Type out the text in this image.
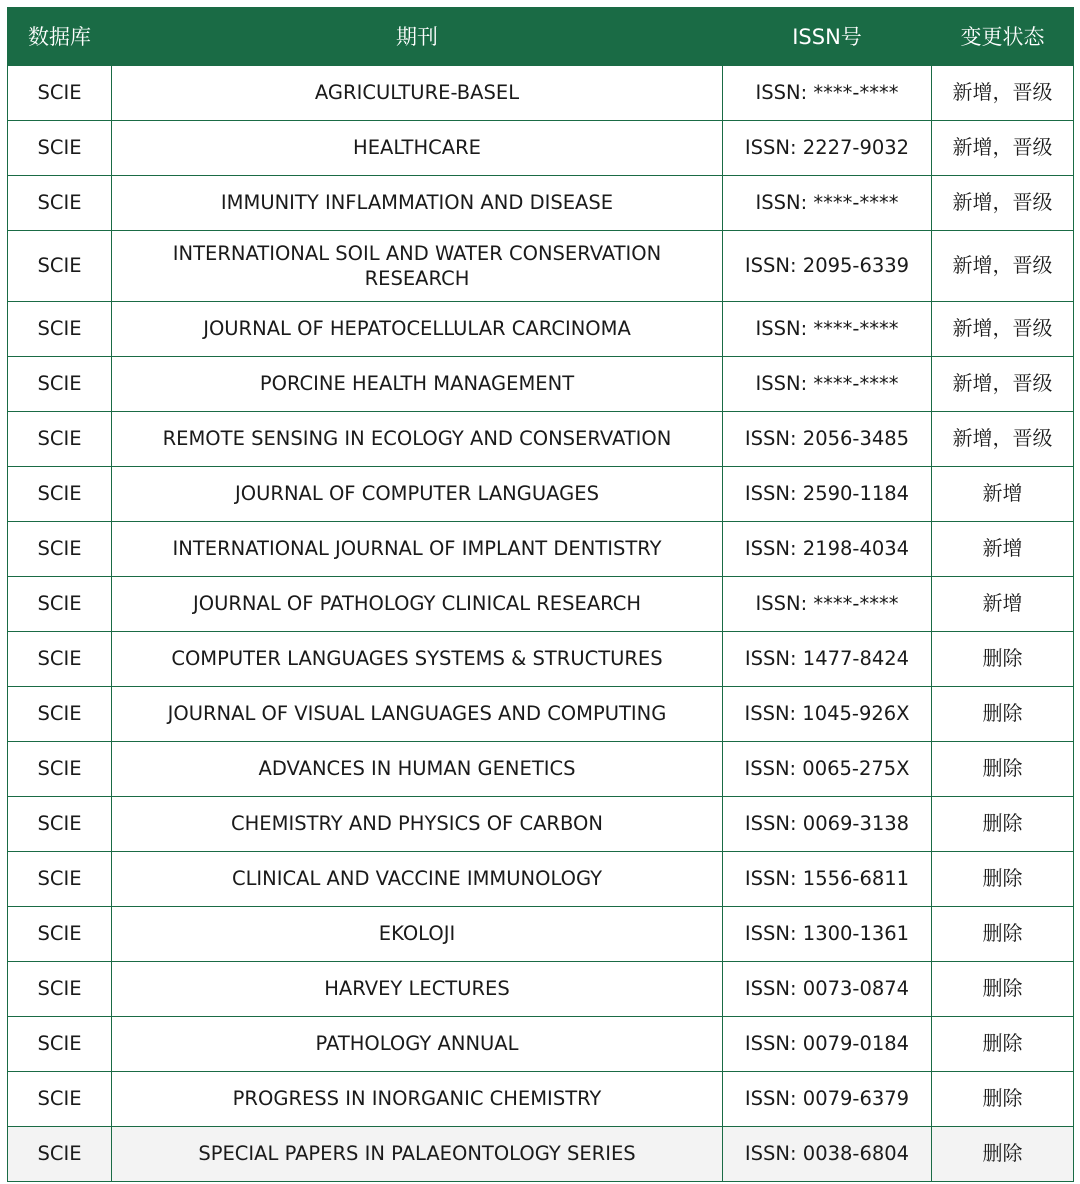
数据库	期刊	ISSN号	变更状态
SCIE	AGRICULTURE-BASEL	ISSN: ****-****	新增，晋级
SCIE	HEALTHCARE	ISSN: 2227-9032	新增，晋级
SCIE	IMMUNITY INFLAMMATION AND DISEASE	ISSN: ****-****	新增，晋级
SCIE	INTERNATIONAL SOIL AND WATER CONSERVATION RESEARCH	ISSN: 2095-6339	新增，晋级
SCIE	JOURNAL OF HEPATOCELLULAR CARCINOMA	ISSN: ****-****	新增，晋级
SCIE	PORCINE HEALTH MANAGEMENT	ISSN: ****-****	新增，晋级
SCIE	REMOTE SENSING IN ECOLOGY AND CONSERVATION	ISSN: 2056-3485	新增，晋级
SCIE	JOURNAL OF COMPUTER LANGUAGES	ISSN: 2590-1184	新增
SCIE	INTERNATIONAL JOURNAL OF IMPLANT DENTISTRY	ISSN: 2198-4034	新增
SCIE	JOURNAL OF PATHOLOGY CLINICAL RESEARCH	ISSN: ****-****	新增
SCIE	COMPUTER LANGUAGES SYSTEMS & STRUCTURES	ISSN: 1477-8424	删除
SCIE	JOURNAL OF VISUAL LANGUAGES AND COMPUTING	ISSN: 1045-926X	删除
SCIE	ADVANCES IN HUMAN GENETICS	ISSN: 0065-275X	删除
SCIE	CHEMISTRY AND PHYSICS OF CARBON	ISSN: 0069-3138	删除
SCIE	CLINICAL AND VACCINE IMMUNOLOGY	ISSN: 1556-6811	删除
SCIE	EKOLOJI	ISSN: 1300-1361	删除
SCIE	HARVEY LECTURES	ISSN: 0073-0874	删除
SCIE	PATHOLOGY ANNUAL	ISSN: 0079-0184	删除
SCIE	PROGRESS IN INORGANIC CHEMISTRY	ISSN: 0079-6379	删除
SCIE	SPECIAL PAPERS IN PALAEONTOLOGY SERIES	ISSN: 0038-6804	删除
